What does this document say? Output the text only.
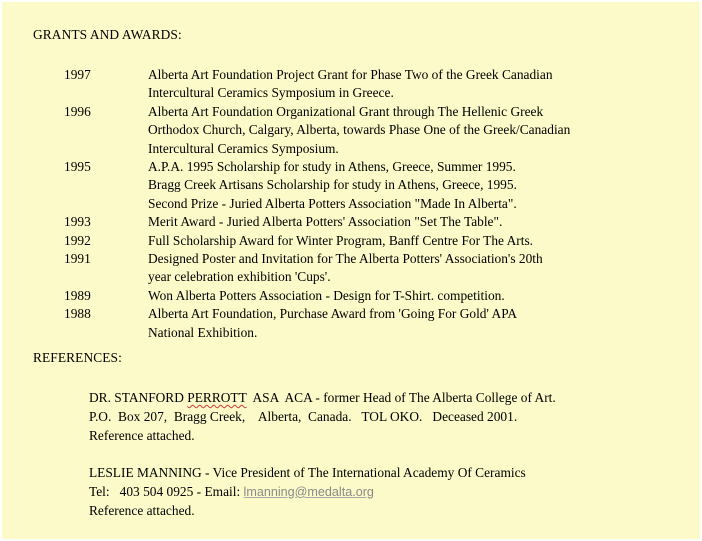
GRANTS AND AWARDS:
1997	Alberta Art Foundation Project Grant for Phase Two of the Greek Canadian
Intercultural Ceramics Symposium in Greece.
1996	Alberta Art Foundation Organizational Grant through The Hellenic Greek
Orthodox Church, Calgary, Alberta, towards Phase One of the Greek/Canadian
Intercultural Ceramics Symposium.
1995	A.P.A. 1995 Scholarship for study in Athens, Greece, Summer 1995.
Bragg Creek Artisans Scholarship for study in Athens, Greece, 1995.
Second Prize - Juried Alberta Potters Association "Made In Alberta".
1993	Merit Award - Juried Alberta Potters' Association "Set The Table".
1992	Full Scholarship Award for Winter Program, Banff Centre For The Arts.
1991	Designed Poster and Invitation for The Alberta Potters' Association's 20th
year celebration exhibition 'Cups'.
1989	Won Alberta Potters Association - Design for T-Shirt. competition.
1988	Alberta Art Foundation, Purchase Award from 'Going For Gold' APA
National Exhibition.
REFERENCES:
DR. STANFORD PERROTT  ASA  ACA - former Head of The Alberta College of Art.
P.O.  Box 207,  Bragg Creek,    Alberta,  Canada.   TOL OKO.   Deceased 2001.
Reference attached.
LESLIE MANNING - Vice President of The International Academy Of Ceramics
Tel:   403 504 0925 - Email: lmanning@medalta.org
Reference attached.
